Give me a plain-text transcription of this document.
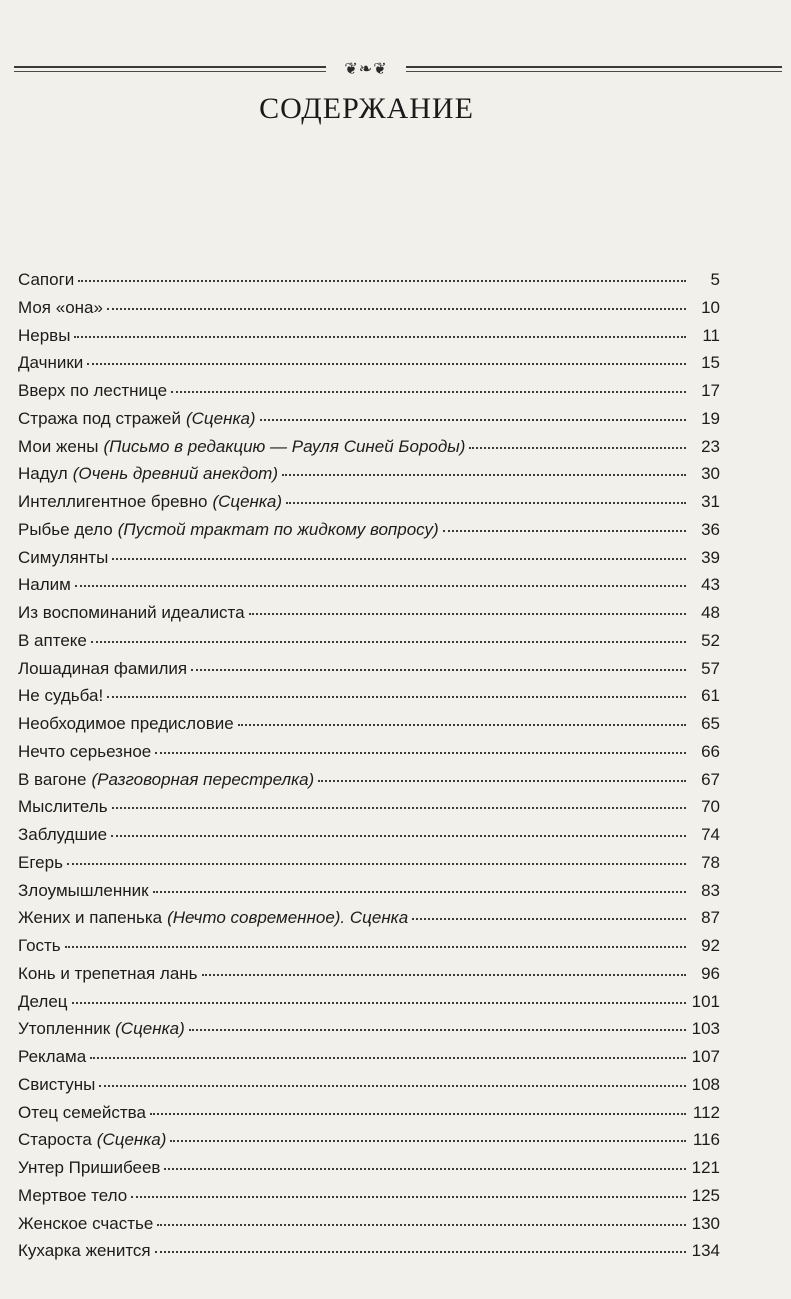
❦❧❦
СОДЕРЖАНИЕ
Сапоги	5
Моя «она»	10
Нервы	11
Дачники	15
Вверх по лестнице	17
Стража под стражей (Сценка)	19
Мои жены (Письмо в редакцию — Рауля Синей Бороды)	23
Надул (Очень древний анекдот)	30
Интеллигентное бревно (Сценка)	31
Рыбье дело (Пустой трактат по жидкому вопросу)	36
Симулянты	39
Налим	43
Из воспоминаний идеалиста	48
В аптеке	52
Лошадиная фамилия	57
Не судьба!	61
Необходимое предисловие	65
Нечто серьезное	66
В вагоне (Разговорная перестрелка)	67
Мыслитель	70
Заблудшие	74
Егерь	78
Злоумышленник	83
Жених и папенька (Нечто современное). Сценка	87
Гость	92
Конь и трепетная лань	96
Делец	101
Утопленник (Сценка)	103
Реклама	107
Свистуны	108
Отец семейства	112
Староста (Сценка)	116
Унтер Пришибеев	121
Мертвое тело	125
Женское счастье	130
Кухарка женится	134
